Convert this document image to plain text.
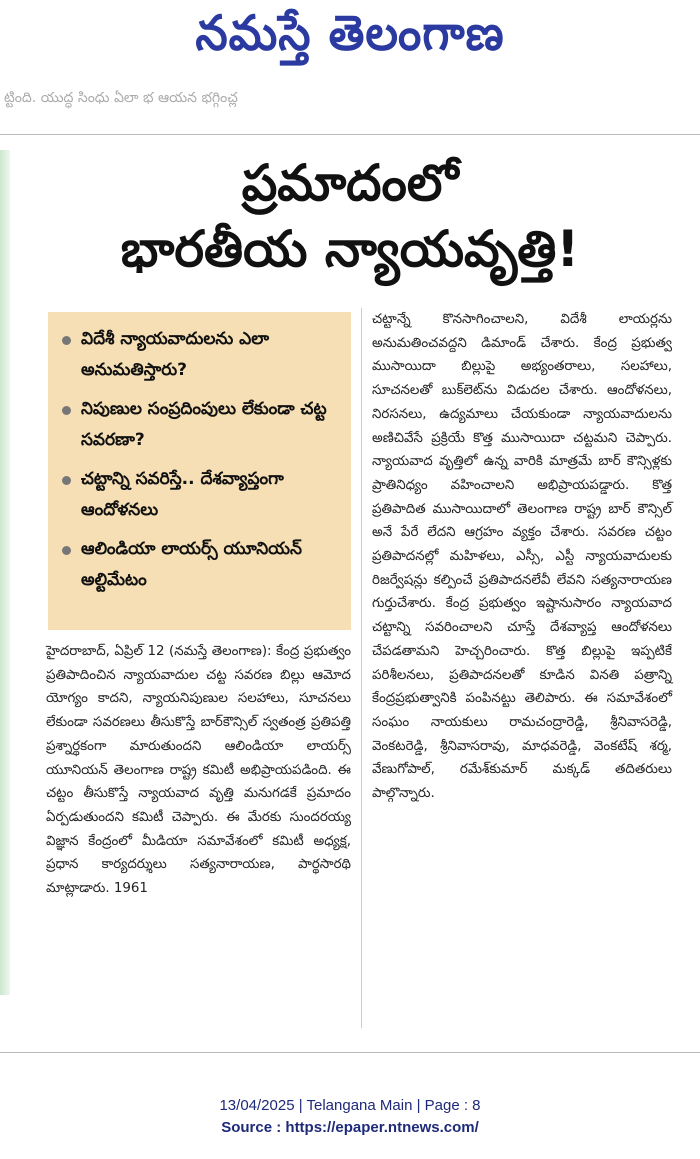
నమస్తే తెలంగాణ
ట్టింది. యుద్ధ సింధు ఏలా భ ఆయన భగ్గించ్ల
ప్రమాదంలో
భారతీయ న్యాయవృత్తి!
విదేశీ న్యాయవాదులను ఎలా అనుమతిస్తారు?
నిపుణుల సంప్రదింపులు లేకుండా చట్ట సవరణా?
చట్టాన్ని సవరిస్తే.. దేశవ్యాప్తంగా ఆందోళనలు
ఆలిండియా లాయర్స్ యూనియన్ అల్టిమేటం
హైదరాబాద్, ఏప్రిల్ 12 (నమస్తే తెలంగాణ): కేంద్ర ప్రభుత్వం ప్రతిపాదించిన న్యాయవాదుల చట్ట సవరణ బిల్లు ఆమోద యోగ్యం కాదని, న్యాయనిపుణుల సలహాలు, సూచనలు లేకుండా సవరణలు తీసుకొస్తే బార్‌కౌన్సిల్ స్వతంత్ర ప్రతిపత్తి ప్రశ్నార్థకంగా మారుతుందని ఆలిండియా లాయర్స్ యూనియన్ తెలంగాణ రాష్ట్ర కమిటీ అభిప్రాయపడింది. ఈ చట్టం తీసుకొస్తే న్యాయవాద వృత్తి మనుగడకే ప్రమాదం ఏర్పడుతుందని కమిటీ చెప్పారు. ఈ మేరకు సుందరయ్య విజ్ఞాన కేంద్రంలో మీడియా సమావేశంలో కమిటీ అధ్యక్ష, ప్రధాన కార్యదర్శులు సత్యనారాయణ, పార్థసారథి మాట్లాడారు. 1961
చట్టాన్నే కొనసాగించాలని, విదేశీ లాయర్లను అనుమతించవద్దని డిమాండ్ చేశారు. కేంద్ర ప్రభుత్వ ముసాయిదా బిల్లుపై అభ్యంతరాలు, సలహాలు, సూచనలతో బుక్‌లెట్‌ను విడుదల చేశారు. ఆందోళనలు, నిరసనలు, ఉద్యమాలు చేయకుండా న్యాయవాదులను అణిచివేసే ప్రక్రియే కొత్త ముసాయిదా చట్టమని చెప్పారు. న్యాయవాద వృత్తిలో ఉన్న వారికి మాత్రమే బార్ కౌన్సిళ్లకు ప్రాతినిధ్యం వహించాలని అభిప్రాయపడ్డారు. కొత్త ప్రతిపాదిత ముసాయిదాలో తెలంగాణ రాష్ట్ర బార్ కౌన్సిల్ అనే పేరే లేదని ఆగ్రహం వ్యక్తం చేశారు. సవరణ చట్టం ప్రతిపాదనల్లో మహిళలు, ఎస్సీ, ఎస్టీ న్యాయవాదులకు రిజర్వేషన్లు కల్పించే ప్రతిపాదనలేవీ లేవని సత్యనారాయణ గుర్తుచేశారు. కేంద్ర ప్రభుత్వం ఇష్టానుసారం న్యాయవాద చట్టాన్ని సవరించాలని చూస్తే దేశవ్యాప్త ఆందోళనలు చేపడతామని హెచ్చరించారు. కొత్త బిల్లుపై ఇప్పటికే పరిశీలనలు, ప్రతిపాదనలతో కూడిన వినతి పత్రాన్ని కేంద్రప్రభుత్వానికి పంపినట్టు తెలిపారు. ఈ సమావేశంలో సంఘం నాయకులు రామచంద్రారెడ్డి, శ్రీనివాసరెడ్డి, వెంకటరెడ్డి, శ్రీనివాసరావు, మాధవరెడ్డి, వెంకటేష్ శర్మ, వేణుగోపాల్, రమేశ్‌కుమార్ మక్కడ్ తదితరులు పాల్గొన్నారు.
13/04/2025 | Telangana Main | Page : 8
Source : https://epaper.ntnews.com/
